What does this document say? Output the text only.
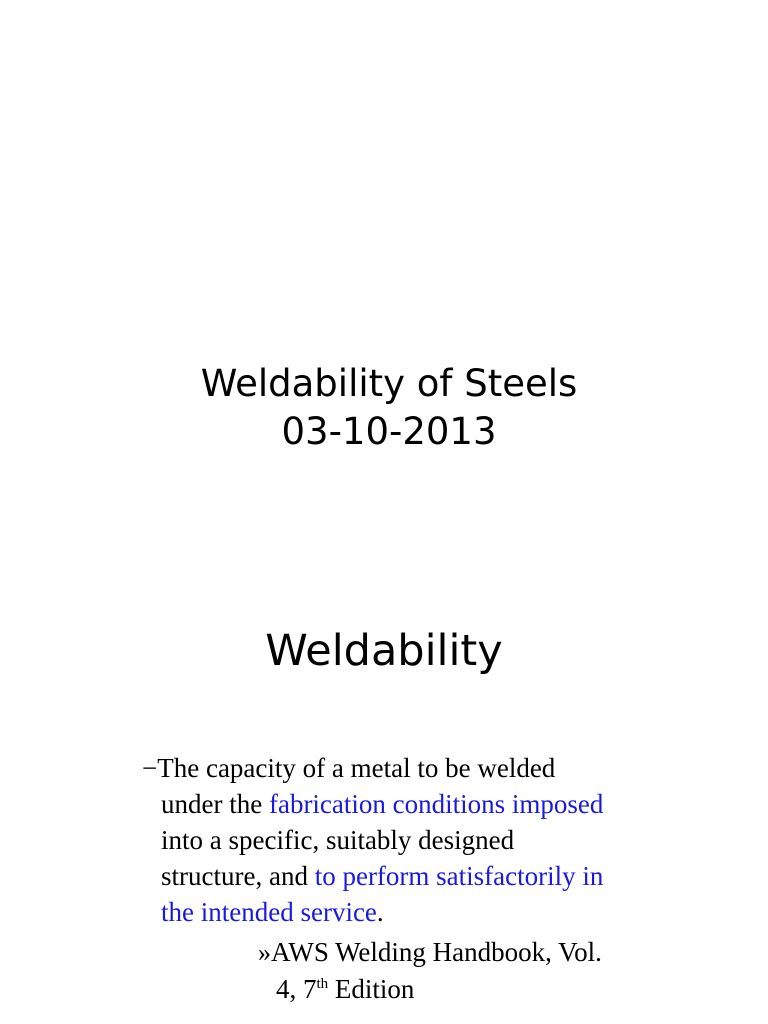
Weldability of Steels
03-10-2013
Weldability
−The capacity of a metal to be welded
under the fabrication conditions imposed
into a specific, suitably designed
structure, and to perform satisfactorily in
the intended service.
»AWS Welding Handbook, Vol.
4, 7th Edition
